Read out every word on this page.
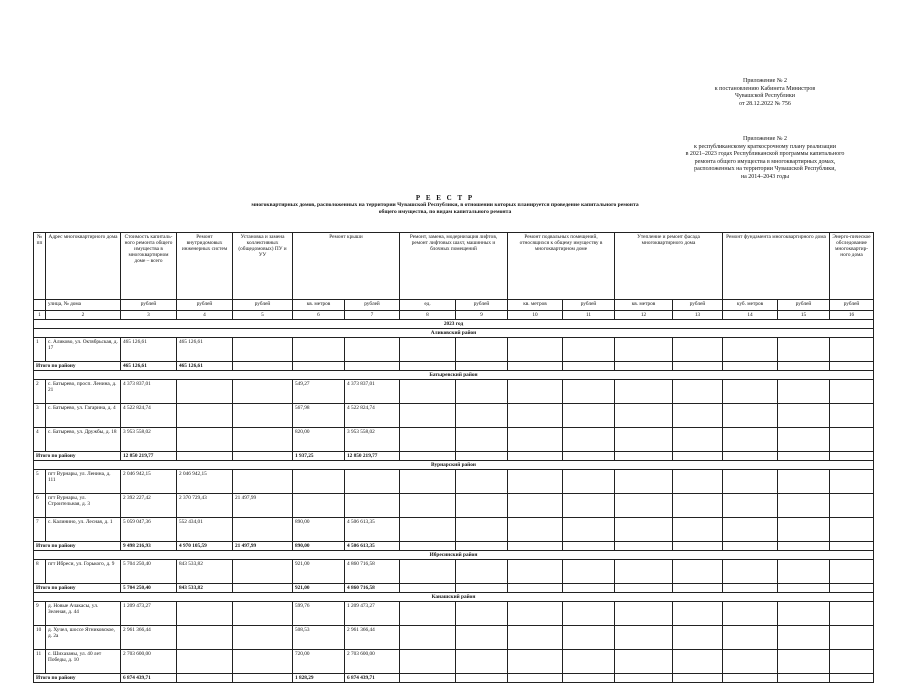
Приложение № 2
к постановлению Кабинета Министров
Чувашской Республики
от 28.12.2022 № 756
Приложение № 2
к республиканскому краткосрочному плану реализации
в 2021–2023 годах Республиканской программы капитального
ремонта общего имущества в многоквартирных домах,
расположенных на территории Чувашской Республики,
на 2014–2043 годы
Р Е Е С Т Р
многоквартирных домов, расположенных на территории Чувашской Республики, в отношении которых планируется проведение капитального ремонта
общего имущества, по видам капитального ремонта
№ пп	Адрес многоквартирного дома	Стоимость капиталь-ного ремонта общего имущества в многоквартирном доме – всего	Ремонт внутридомовых инженерных систем	Установка и замена коллективных (общедомовых) ПУ и УУ	Ремонт крыши		Ремонт, замена, модернизация лифтов, ремонт лифтовых шахт, машинных и блочных помещений		Ремонт подвальных помещений, относящихся к общему имуществу в многоквартирном доме		Утепление и ремонт фасада многоквартирного дома		Ремонт фундамента многоквартирного дома		Энерго-пическое обследование многоквартир-ного дома
	улица, № дома	рублей	рублей	рублей	кв. метров	рублей	ед.	рублей	кв. метров	рублей	кв. метров	рублей	куб. метров	рублей	рублей
1	2	3	4	5	6	7	8	9	10	11	12	13	14	15	16
2023 год															
Аликовский район															
1	с. Аликово, ул. Октябрьская, д. 17	465 126,61	465 126,61												
Итого по району		465 126,61	465 126,61												
Батыревский район															
2	с. Батырево, просп. Ленина, д. 21	4 373 837,01			549,27	4 373 837,01									
3	с. Батырево, ул. Гагарина, д. 4	4 522 824,74			567,98	4 522 824,74									
4	с. Батырево, ул. Дружбы, д. 18	3 953 558,02			820,00	3 953 558,02									
Итого по району		12 850 219,77			1 937,25	12 850 219,77									
Вурнарский район															
5	пгт Вурнары, ул. Ленина, д. 111	2 046 942,15	2 046 942,15												
6	пгт Вурнары, ул. Строительная, д. 3	2 392 227,42	2 370 729,43	21 497,99											
7	с. Калинино, ул. Лесная, д. 1	5 059 047,36	552 434,01		890,00	4 506 613,35									
Итого по району		9 498 216,93	4 970 105,59	21 497,99	890,00	4 506 613,35									
Ибресинский район															
8	пгт Ибреси, ул. Горького, д. 9	5 704 250,40	843 533,82		921,00	4 860 716,58									
Итого по району		5 704 250,40	843 533,82		921,00	4 860 716,58									
Канашский район															
9	д. Новые Ачакасы, ул. Зеленая, д. 44	1 209 473,27			599,76	1 209 473,27									
10	д. Хучел, шоссе Ятниковское, д. 2а	2 961 366,44			508,53	2 961 366,44									
11	с. Шихазаны, ул. 40 лет Победы, д. 10	2 703 600,00			720,00	2 703 600,00									
Итого по району		6 874 439,71			1 828,29	6 874 439,71									
